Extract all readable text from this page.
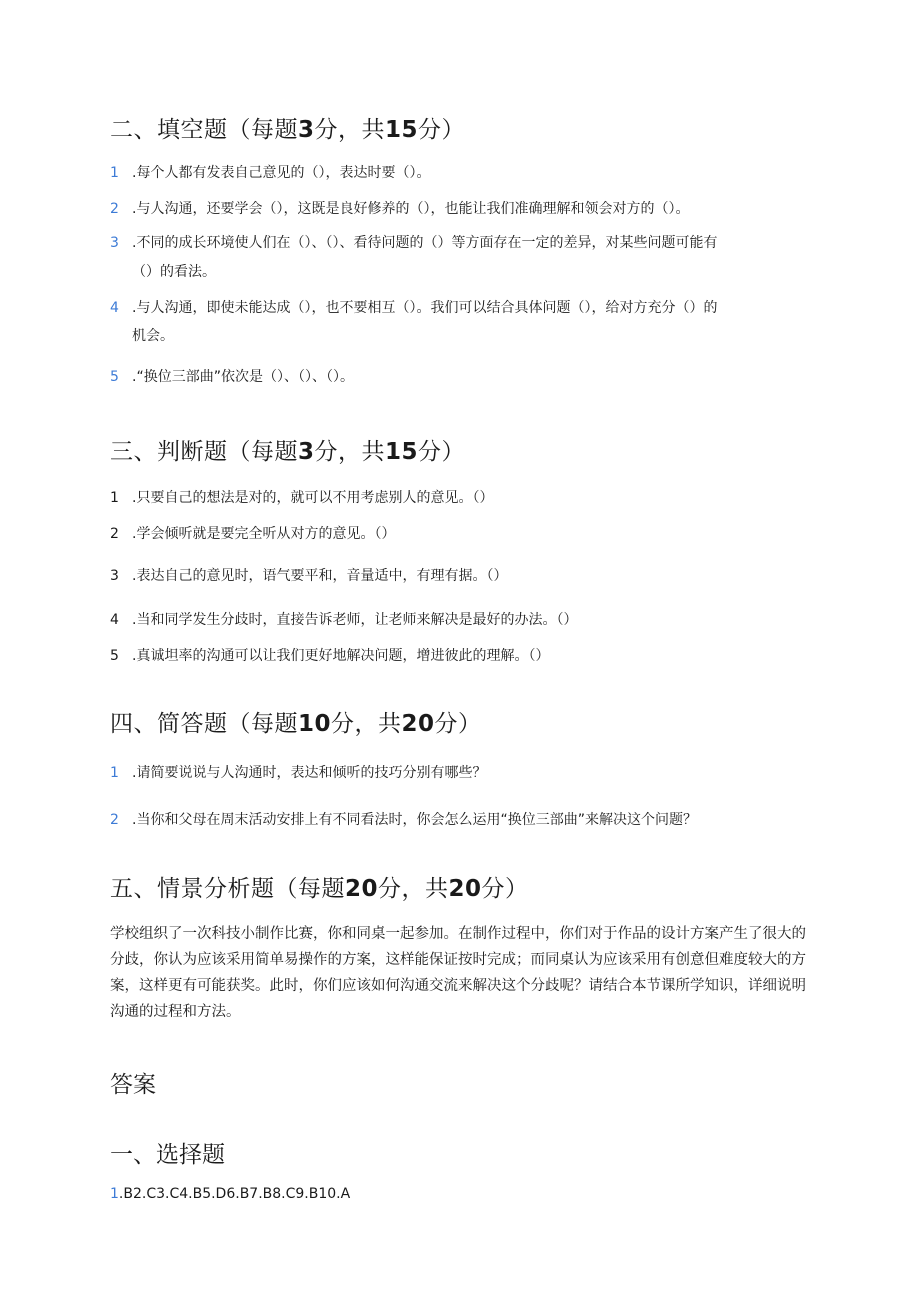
二、填空题（每题3分，共15分）
1 .每个人都有发表自己意见的（），表达时要（）。
2 .与人沟通，还要学会（），这既是良好修养的（），也能让我们准确理解和领会对方的（）。
3 .不同的成长环境使人们在（）、（）、看待问题的（）等方面存在一定的差异，对某些问题可能有
（）的看法。
4 .与人沟通，即使未能达成（），也不要相互（）。我们可以结合具体问题（），给对方充分（）的
机会。
5 .“换位三部曲”依次是（）、（）、（）。
三、判断题（每题3分，共15分）
1 .只要自己的想法是对的，就可以不用考虑别人的意见。（）
2 .学会倾听就是要完全听从对方的意见。（）
3 .表达自己的意见时，语气要平和，音量适中，有理有据。（）
4 .当和同学发生分歧时，直接告诉老师，让老师来解决是最好的办法。（）
5 .真诚坦率的沟通可以让我们更好地解决问题，增进彼此的理解。（）
四、简答题（每题10分，共20分）
1 .请简要说说与人沟通时，表达和倾听的技巧分别有哪些？
2 .当你和父母在周末活动安排上有不同看法时，你会怎么运用“换位三部曲”来解决这个问题？
五、情景分析题（每题20分，共20分）
学校组织了一次科技小制作比赛，你和同桌一起参加。在制作过程中，你们对于作品的设计方案产生了很大的分歧，你认为应该采用简单易操作的方案，这样能保证按时完成；而同桌认为应该采用有创意但难度较大的方案，这样更有可能获奖。此时，你们应该如何沟通交流来解决这个分歧呢？请结合本节课所学知识，详细说明沟通的过程和方法。
答案
一、选择题
1.B2.C3.C4.B5.D6.B7.B8.C9.B10.A
